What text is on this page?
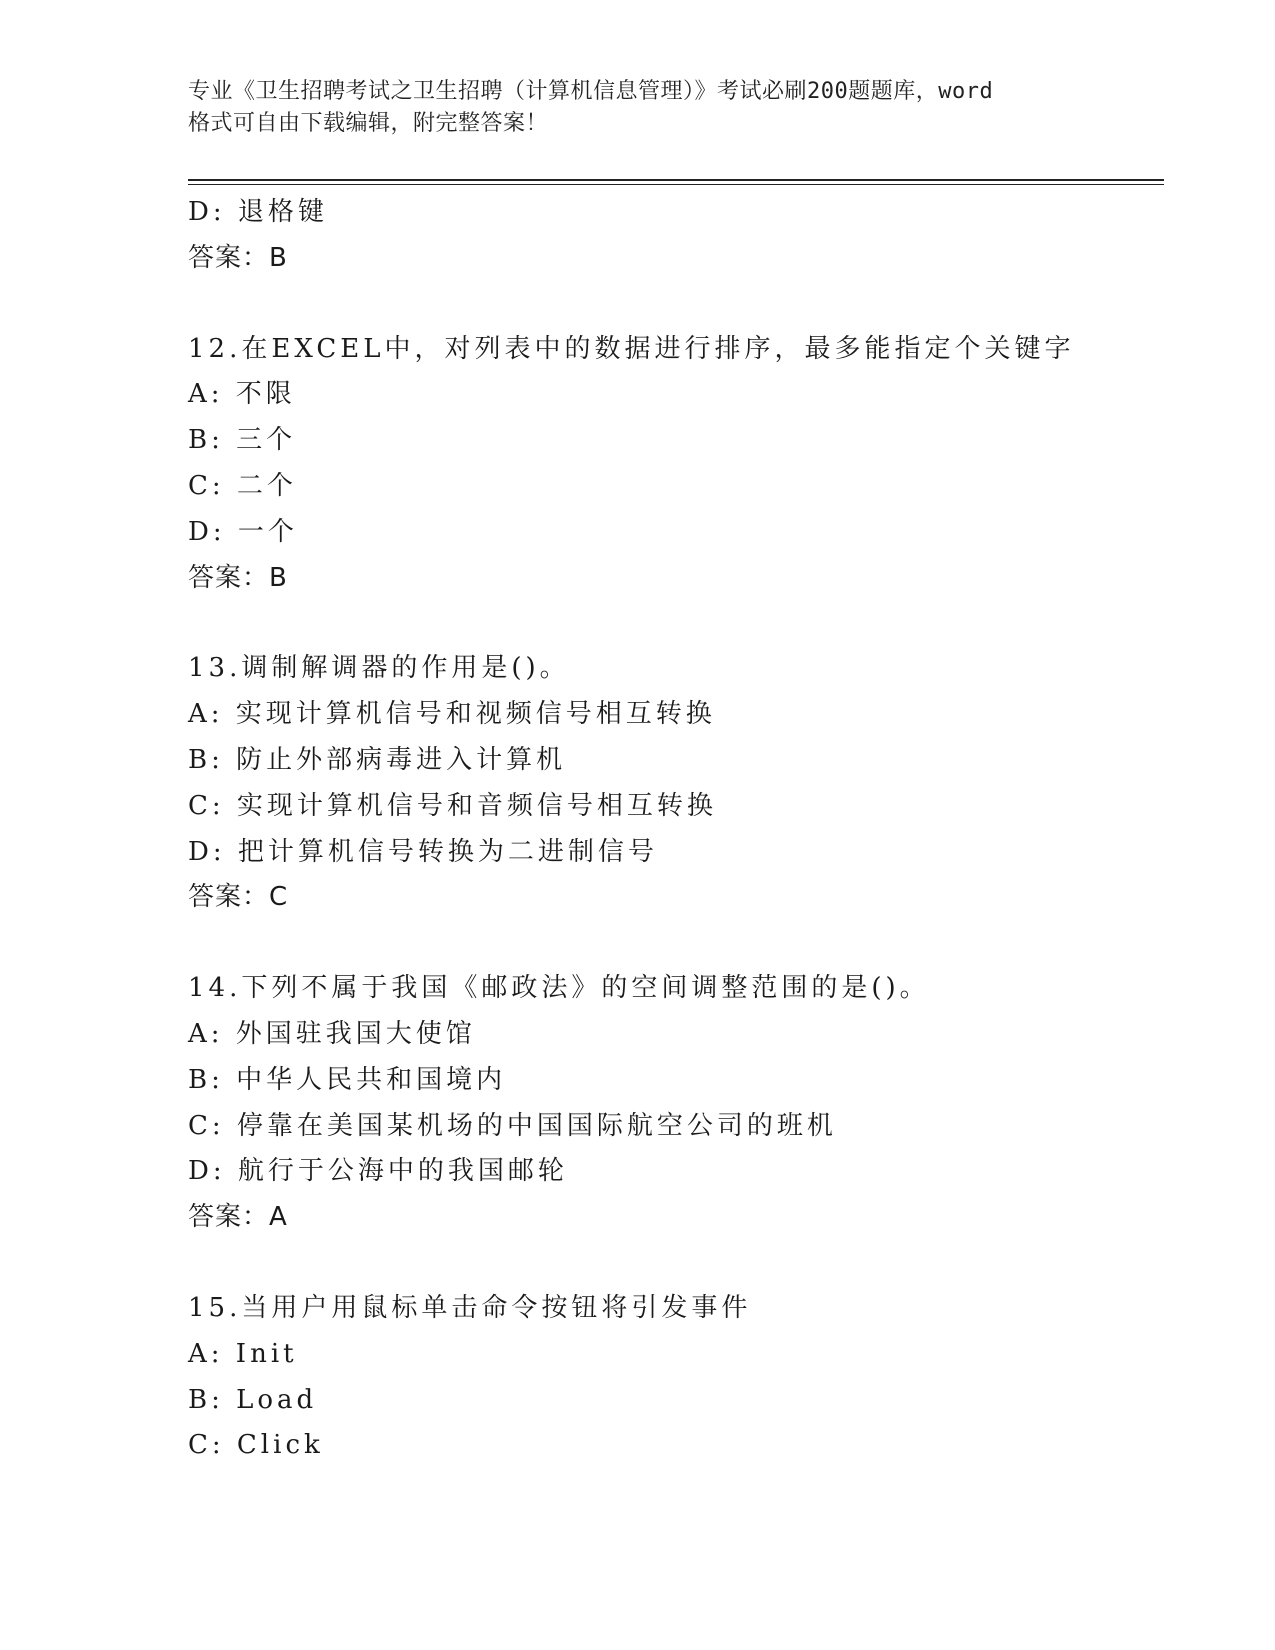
专业《卫生招聘考试之卫生招聘（计算机信息管理）》考试必刷200题题库，word
格式可自由下载编辑，附完整答案！
D: 退格键
答案：B
12.在EXCEL中，对列表中的数据进行排序，最多能指定个关键字
A: 不限
B: 三个
C: 二个
D: 一个
答案：B
13.调制解调器的作用是()。
A: 实现计算机信号和视频信号相互转换
B: 防止外部病毒进入计算机
C: 实现计算机信号和音频信号相互转换
D: 把计算机信号转换为二进制信号
答案：C
14.下列不属于我国《邮政法》的空间调整范围的是()。
A: 外国驻我国大使馆
B: 中华人民共和国境内
C: 停靠在美国某机场的中国国际航空公司的班机
D: 航行于公海中的我国邮轮
答案：A
15.当用户用鼠标单击命令按钮将引发事件
A: Init
B: Load
C: Click
